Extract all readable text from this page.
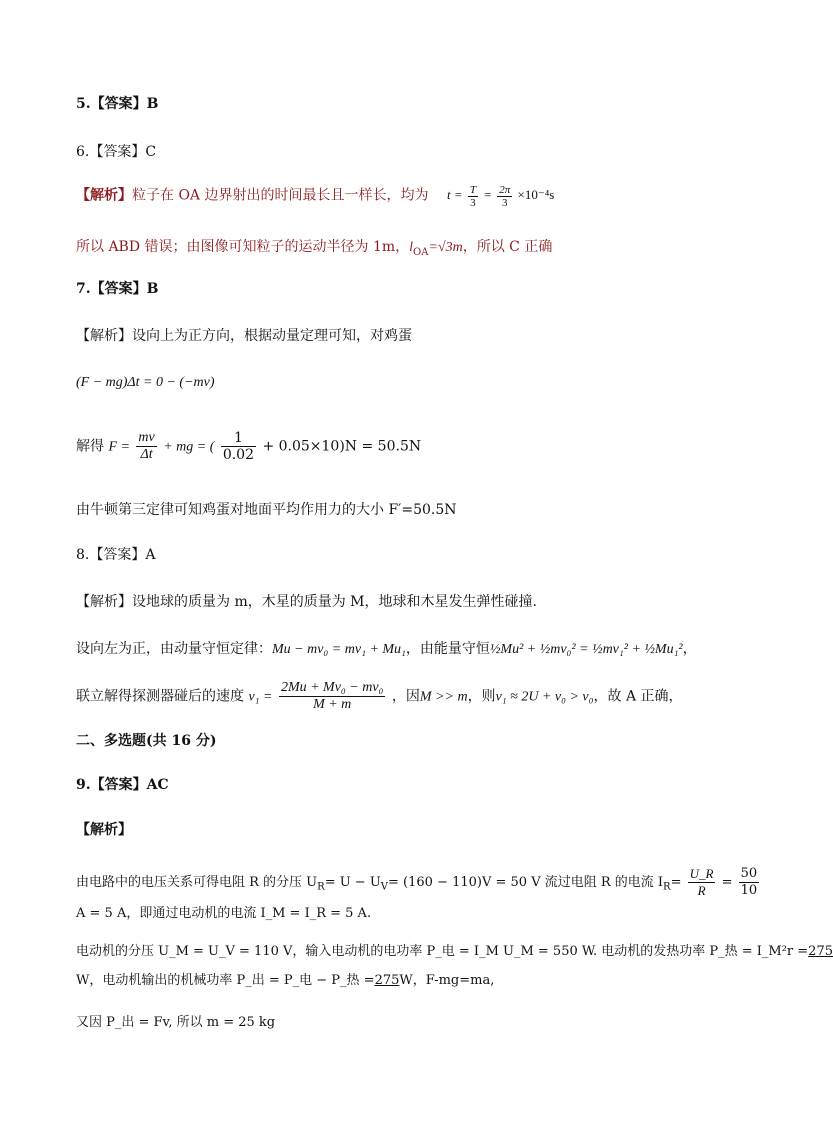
5.【答案】B
6.【答案】C
【解析】粒子在 OA 边界射出的时间最长且一样长，均为 $t = \frac{T}{3} = \frac{2\pi}{3} \times 10^{-4}s$
所以 ABD 错误；由图像可知粒子的运动半径为 1m，$l_{OA}=√3m$，所以 C 正确
7.【答案】B
【解析】设向上为正方向，根据动量定理可知，对鸡蛋
(F − mg)Δt = 0 − (−mv)
解得 $F = \frac{mv}{\Delta t}$ + mg = ( $\frac{1}{0.02} + 0.05\times 10)N = 50.5N$
由牛顿第三定律可知鸡蛋对地面平均作用力的大小 F′=50.5N
8.【答案】A
【解析】设地球的质量为 m，木星的质量为 M，地球和木星发生弹性碰撞.
设向左为正，由动量守恒定律：Mu − mv₀ = mv₁ + Mu₁，由能量守恒½Mu² + ½mv₀² = ½mv₁² + ½Mu₁²，
联立解得探测器碰后的速度 $v_1 = \frac{\text{2Mu + Mv₀ − mv₀}}{M + m}$ ，因M >> m，则v₁ ≈ 2U + v₀ > v₀，故 A 正确，
二、多选题(共 16 分)
9.【答案】AC
【解析】
由电路中的电压关系可得电阻 R 的分压 $U_R= U - U_V= (160 - 110)V = 50$ V 流过电阻 R 的电流 $I_R= \frac{U\_R}{R} = \frac{50}{10}$
A = 5 A，即通过电动机的电流 I_M = I_R = 5 A.
电动机的分压 U_M = U_V = 110 V，输入电动机的电功率 P_电 = I_M U_M = 550 W. 电动机的发热功率 P_热 = I_M²r =275
W，电动机输出的机械功率 P_出 = P_电 − P_热 =275W，F-mg=ma,
又因 P_出 = Fv, 所以 m = 25 kg
